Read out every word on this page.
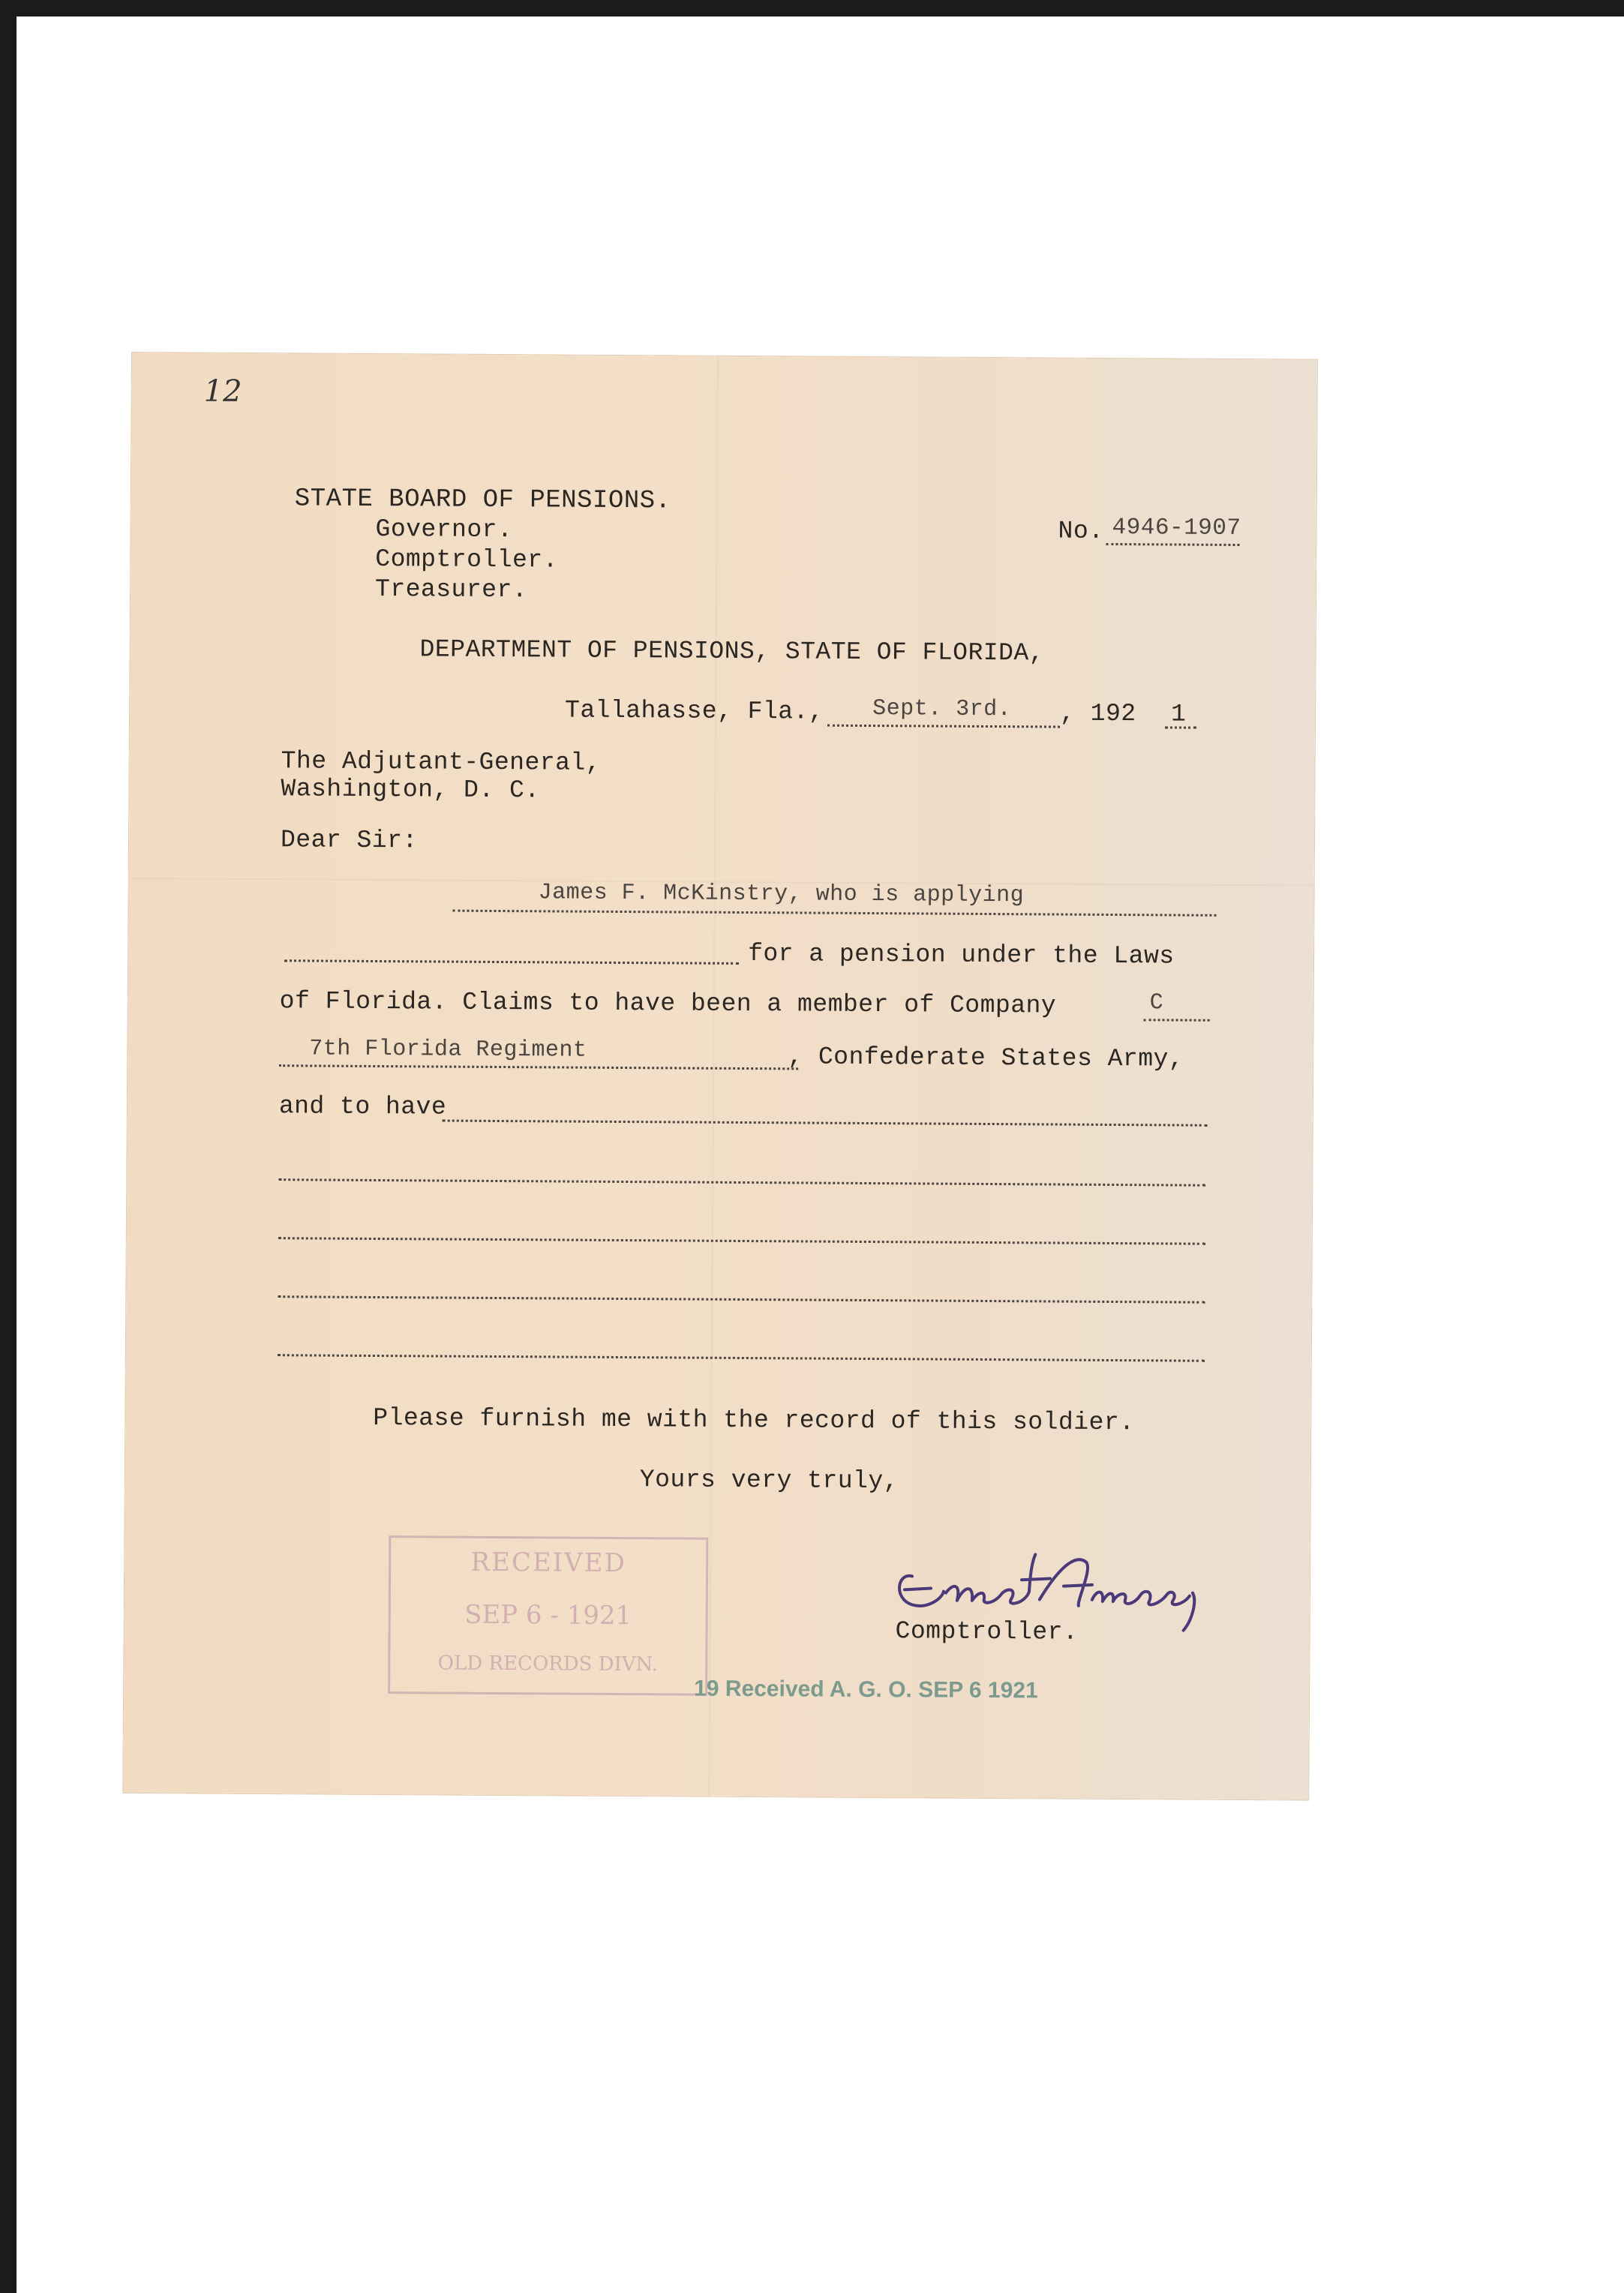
12
STATE BOARD OF PENSIONS.
Governor.
Comptroller.
Treasurer.
No. 4946-1907
DEPARTMENT OF PENSIONS, STATE OF FLORIDA,
Tallahasse, Fla., Sept. 3rd. , 192 1
The Adjutant-General,
Washington, D. C.
Dear Sir:
James F. McKinstry, who is applying
for a pension under the Laws
of Florida. Claims to have been a member of Company	C
7th Florida Regiment	, Confederate States Army,
and to have
Please furnish me with the record of this soldier.
Yours very truly,
Comptroller.
RECEIVED
SEP 6 - 1921
OLD RECORDS DIVN.
19 Received A. G. O. SEP 6 1921
